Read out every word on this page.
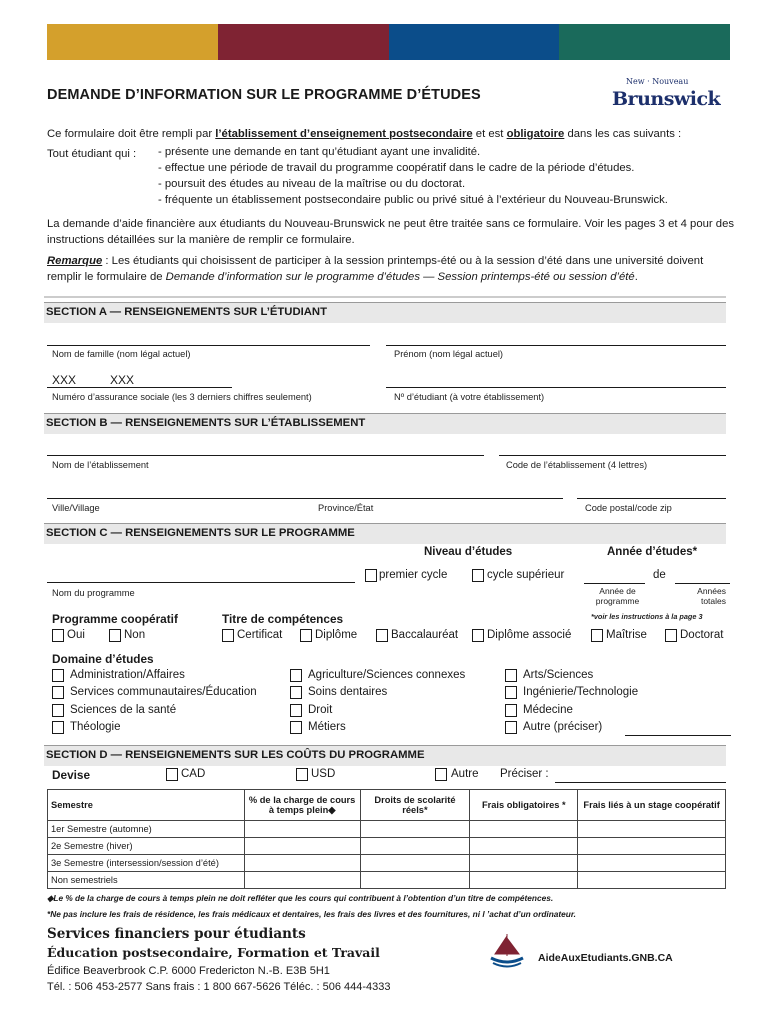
DEMANDE D’INFORMATION SUR LE PROGRAMME D’ÉTUDES
New · Nouveau
Brunswick
Ce formulaire doit être rempli par l’établissement d’enseignement postsecondaire et est obligatoire dans les cas suivants :
Tout étudiant qui :	- présente une demande en tant qu’étudiant ayant une invalidité.
- effectue une période de travail du programme coopératif dans le cadre de la période d’études.
- poursuit des études au niveau de la maîtrise ou du doctorat.
- fréquente un établissement postsecondaire public ou privé situé à l’extérieur du Nouveau-Brunswick.
La demande d’aide financière aux étudiants du Nouveau-Brunswick ne peut être traitée sans ce formulaire. Voir les pages 3 et 4 pour des instructions détaillées sur la manière de remplir ce formulaire.
Remarque : Les étudiants qui choisissent de participer à la session printemps-été ou à la session d’été dans une université doivent remplir le formulaire de Demande d’information sur le programme d’études — Session printemps-été ou session d’été.
SECTION A — RENSEIGNEMENTS SUR L’ÉTUDIANT
Nom de famille (nom légal actuel)	Prénom (nom légal actuel)
XXX	XXX
Numéro d’assurance sociale (les 3 derniers chiffres seulement)	Nº d’étudiant (à votre établissement)
SECTION B — RENSEIGNEMENTS SUR L’ÉTABLISSEMENT
Nom de l’établissement	Code de l’établissement (4 lettres)
Ville/Village	Province/État	Code postal/code zip
SECTION C — RENSEIGNEMENTS SUR LE PROGRAMME
Niveau d’études	Année d’études*
premier cycle	cycle supérieur	de
Nom du programme	Année de programme
Années totales
*voir les instructions à la page 3
Programme coopératif	Titre de compétences
Oui	Non	Certificat	Diplôme	Baccalauréat	Diplôme associé	Maîtrise	Doctorat
Domaine d’études
Administration/Affaires
Services communautaires/Éducation
Sciences de la santé
Théologie
Agriculture/Sciences connexes
Soins dentaires
Droit
Métiers
Arts/Sciences
Ingénierie/Technologie
Médecine
Autre (préciser)
SECTION D — RENSEIGNEMENTS SUR LES COÛTS DU PROGRAMME
Devise	CAD	USD	Autre Préciser :
Semestre	% de la charge de cours à temps plein◆	Droits de scolarité réels*	Frais obligatoires *	Frais liés à un stage coopératif
1er Semestre (automne)				
2e Semestre (hiver)				
3e Semestre (intersession/session d’été)				
Non semestriels				
◆Le % de la charge de cours à temps plein ne doit refléter que les cours qui contribuent à l’obtention d’un titre de compétences.
*Ne pas inclure les frais de résidence, les frais médicaux et dentaires, les frais des livres et des fournitures, ni l ’achat d’un ordinateur.
Services financiers pour étudiants
Éducation postsecondaire, Formation et Travail
Édifice Beaverbrook C.P. 6000 Fredericton N.-B. E3B 5H1
Tél. : 506 453-2577 Sans frais : 1 800 667-5626 Téléc. : 506 444-4333
AideAuxEtudiants.GNB.CA
